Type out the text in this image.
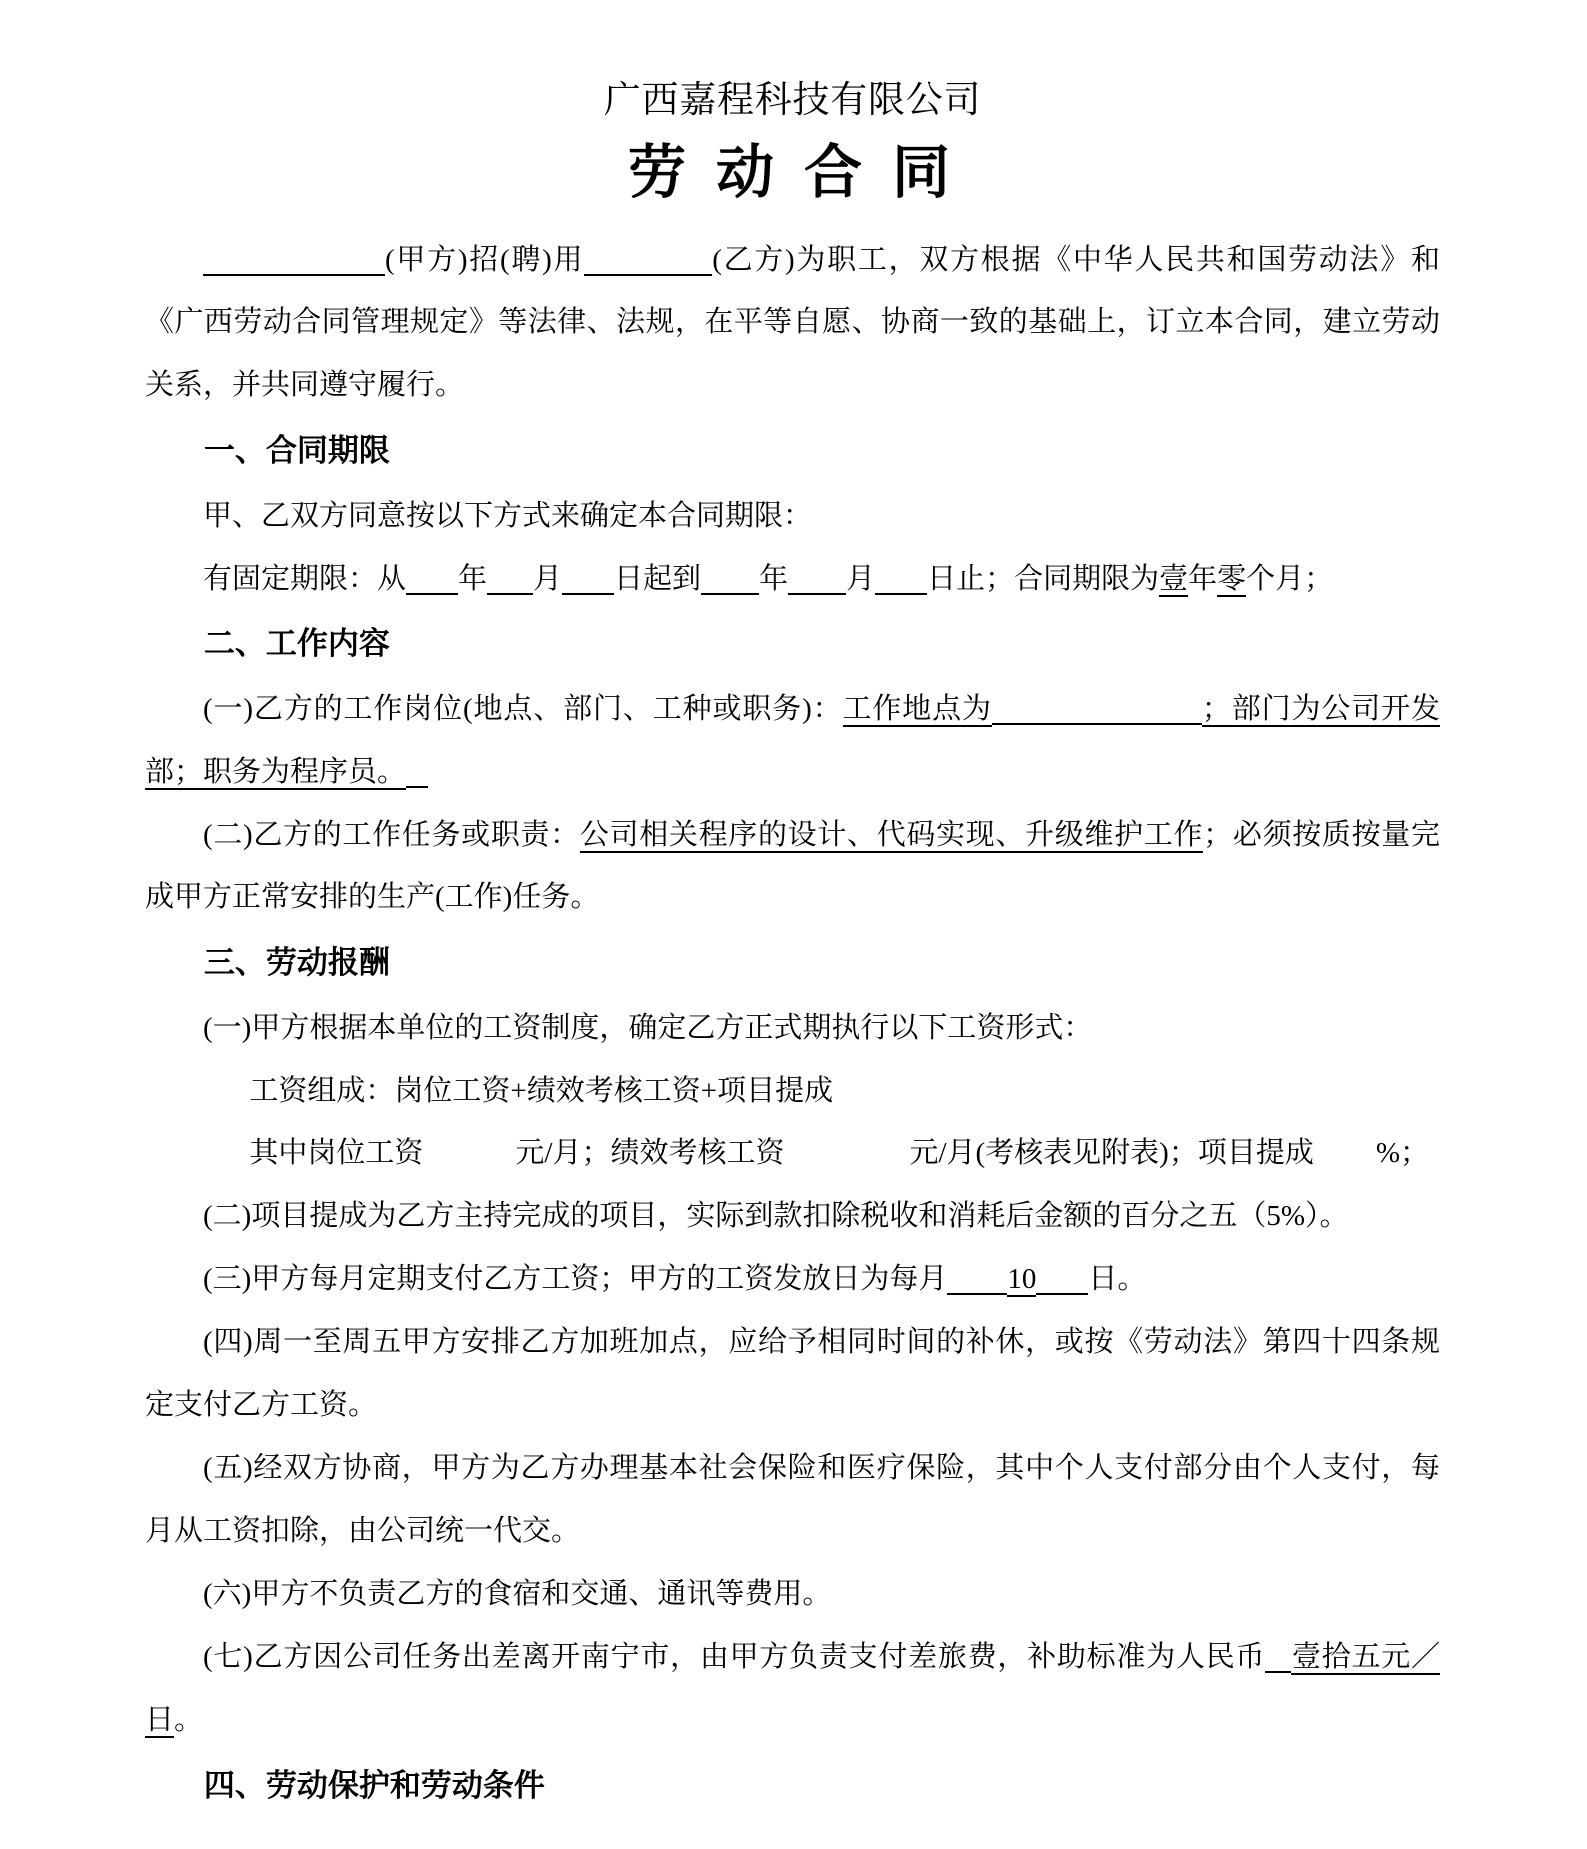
广西嘉程科技有限公司
劳 动 合 同

(甲方)招(聘)用	(乙方)为职工，双方根据《中华人民共和国劳动法》和《广西劳动合同管理规定》等法律、法规，在平等自愿、协商一致的基础上，订立本合同，建立劳动关系，并共同遵守履行。

一、合同期限

甲、乙双方同意按以下方式来确定本合同期限：

有固定期限：从 年 月 日起到 年 月 日止；合同期限为壹年零个月；

二、工作内容

(一)乙方的工作岗位(地点、部门、工种或职务)：工作地点为	；部门为公司开发部；职务为程序员。

(二)乙方的工作任务或职责：公司相关程序的设计、代码实现、升级维护工作；必须按质按量完成甲方正常安排的生产(工作)任务。

三、劳动报酬

(一)甲方根据本单位的工资制度，确定乙方正式期执行以下工资形式：

工资组成：岗位工资+绩效考核工资+项目提成

其中岗位工资	元/月；绩效考核工资	元/月(考核表见附表)；项目提成 %；

(二)项目提成为乙方主持完成的项目，实际到款扣除税收和消耗后金额的百分之五（5%）。

(三)甲方每月定期支付乙方工资；甲方的工资发放日为每月 10 日。

(四)周一至周五甲方安排乙方加班加点，应给予相同时间的补休，或按《劳动法》第四十四条规定支付乙方工资。

(五)经双方协商，甲方为乙方办理基本社会保险和医疗保险，其中个人支付部分由个人支付，每月从工资扣除，由公司统一代交。

(六)甲方不负责乙方的食宿和交通、通讯等费用。

(七)乙方因公司任务出差离开南宁市，由甲方负责支付差旅费，补助标准为人民币 壹拾五元／日。

四、劳动保护和劳动条件
